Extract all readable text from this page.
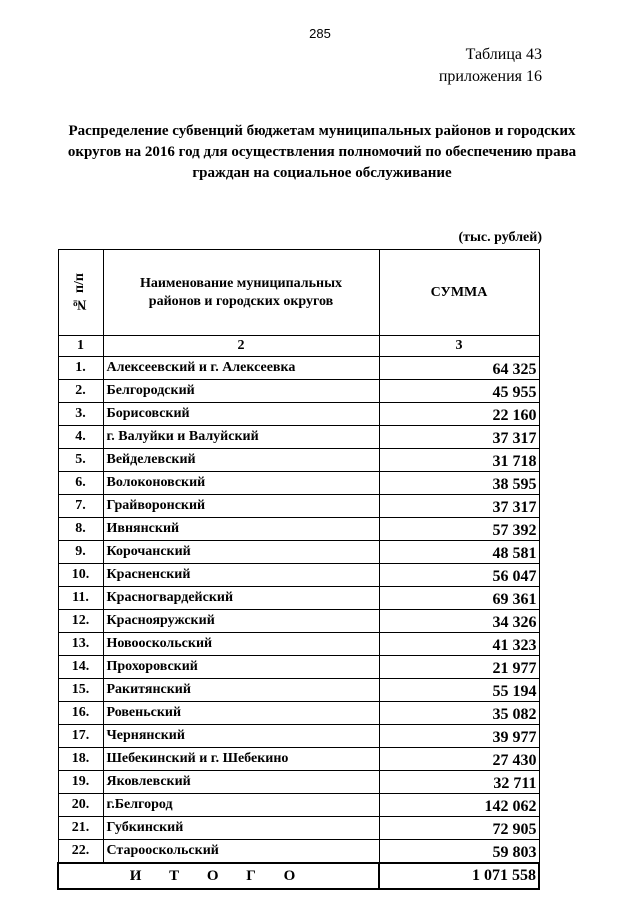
285
Таблица 43
приложения 16
Распределение субвенций бюджетам муниципальных районов и городских округов на 2016 год для осуществления полномочий по обеспечению права граждан на социальное обслуживание
(тыс. рублей)
№ п/п	Наименование муниципальных районов и городских округов	СУММА
1	2	3
1.	Алексеевский и г. Алексеевка	64 325
2.	Белгородский	45 955
3.	Борисовский	22 160
4.	г. Валуйки и Валуйский	37 317
5.	Вейделевский	31 718
6.	Волоконовский	38 595
7.	Грайворонский	37 317
8.	Ивнянский	57 392
9.	Корочанский	48 581
10.	Красненский	56 047
11.	Красногвардейский	69 361
12.	Краснояружский	34 326
13.	Новооскольский	41 323
14.	Прохоровский	21 977
15.	Ракитянский	55 194
16.	Ровеньский	35 082
17.	Чернянский	39 977
18.	Шебекинский и г. Шебекино	27 430
19.	Яковлевский	32 711
20.	г.Белгород	142 062
21.	Губкинский	72 905
22.	Старооскольский	59 803
И Т О Г О		1 071 558
